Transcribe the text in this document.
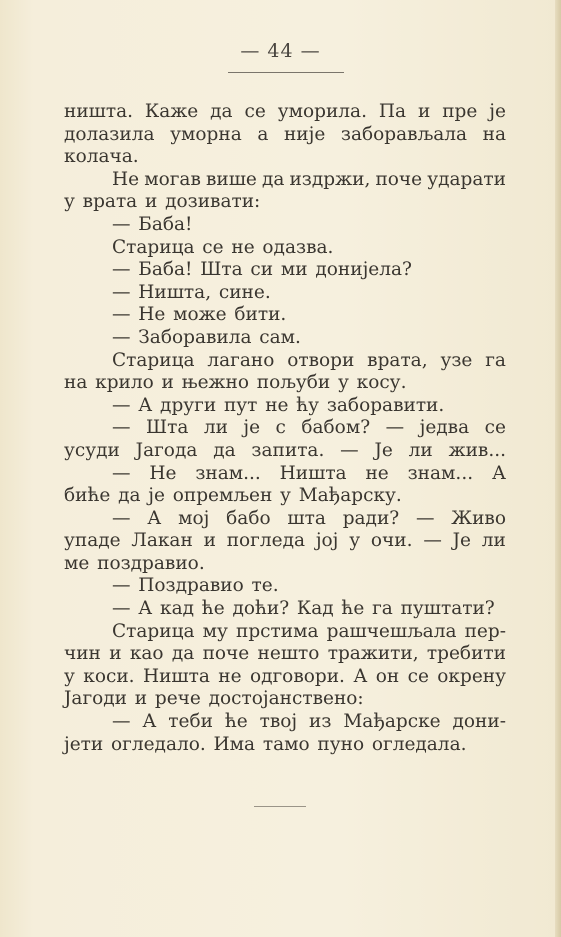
— 44 —
ништа. Каже да се уморила. Па и пре је
долазила уморна а није заборављала на
колача.
Не могав више да издржи, поче ударати
у врата и дозивати:
— Баба!
Старица се не одазва.
— Баба! Шта си ми донијела?
— Ништа, сине.
— Не може бити.
— Заборавила сам.
Старица лагано отвори врата, узе га
на крило и њежно пољуби у косу.
— А други пут не ћу заборавити.
— Шта ли је с бабом? — једва се
усуди Јагода да запита. — Је ли жив...
— Не знам... Ништа не знам... А
биће да је опремљен у Мађарску.
— А мој бабо шта ради? — Живо
упаде Лакан и погледа јој у очи. — Је ли
ме поздравио.
— Поздравио те.
— А кад ће доћи? Кад ће га пуштати?
Старица му прстима рашчешљала пер-
чин и као да поче нешто тражити, требити
у коси. Ништа не одговори. А он се окрену
Јагоди и рече достојанствено:
— А теби ће твој из Мађарске дони-
јети огледало. Има тамо пуно огледала.
